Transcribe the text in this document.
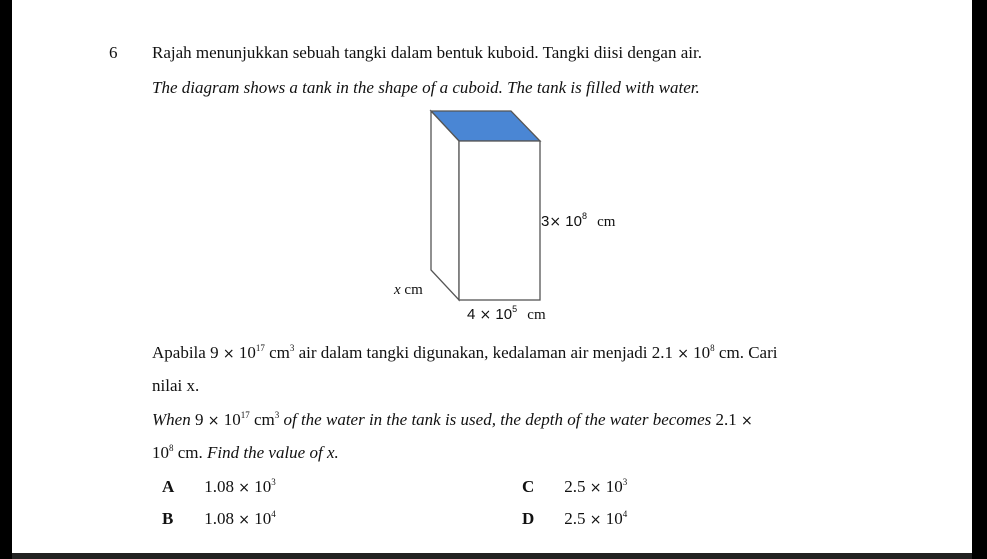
6 Rajah menunjukkan sebuah tangki dalam bentuk kuboid. Tangki diisi dengan air.
The diagram shows a tank in the shape of a cuboid. The tank is filled with water.
$3\times 10^8$ cm
x cm
$4 \times 10^5$ cm
Apabila $9 \times 10^{17}$ $cm^3$ air dalam tangki digunakan, kedalaman air menjadi $2.1 \times 10^8$ cm. Cari
nilai x.
When $9 \times 10^{17}$ $cm^3$ of the water in the tank is used, the depth of the water becomes 2.1 ×
$10^8$ cm. Find the value of x.
A $1.08 \times 10^3$
B $1.08 \times 10^4$
C $2.5 \times 10^3$
D $2.5 \times 10^4$
